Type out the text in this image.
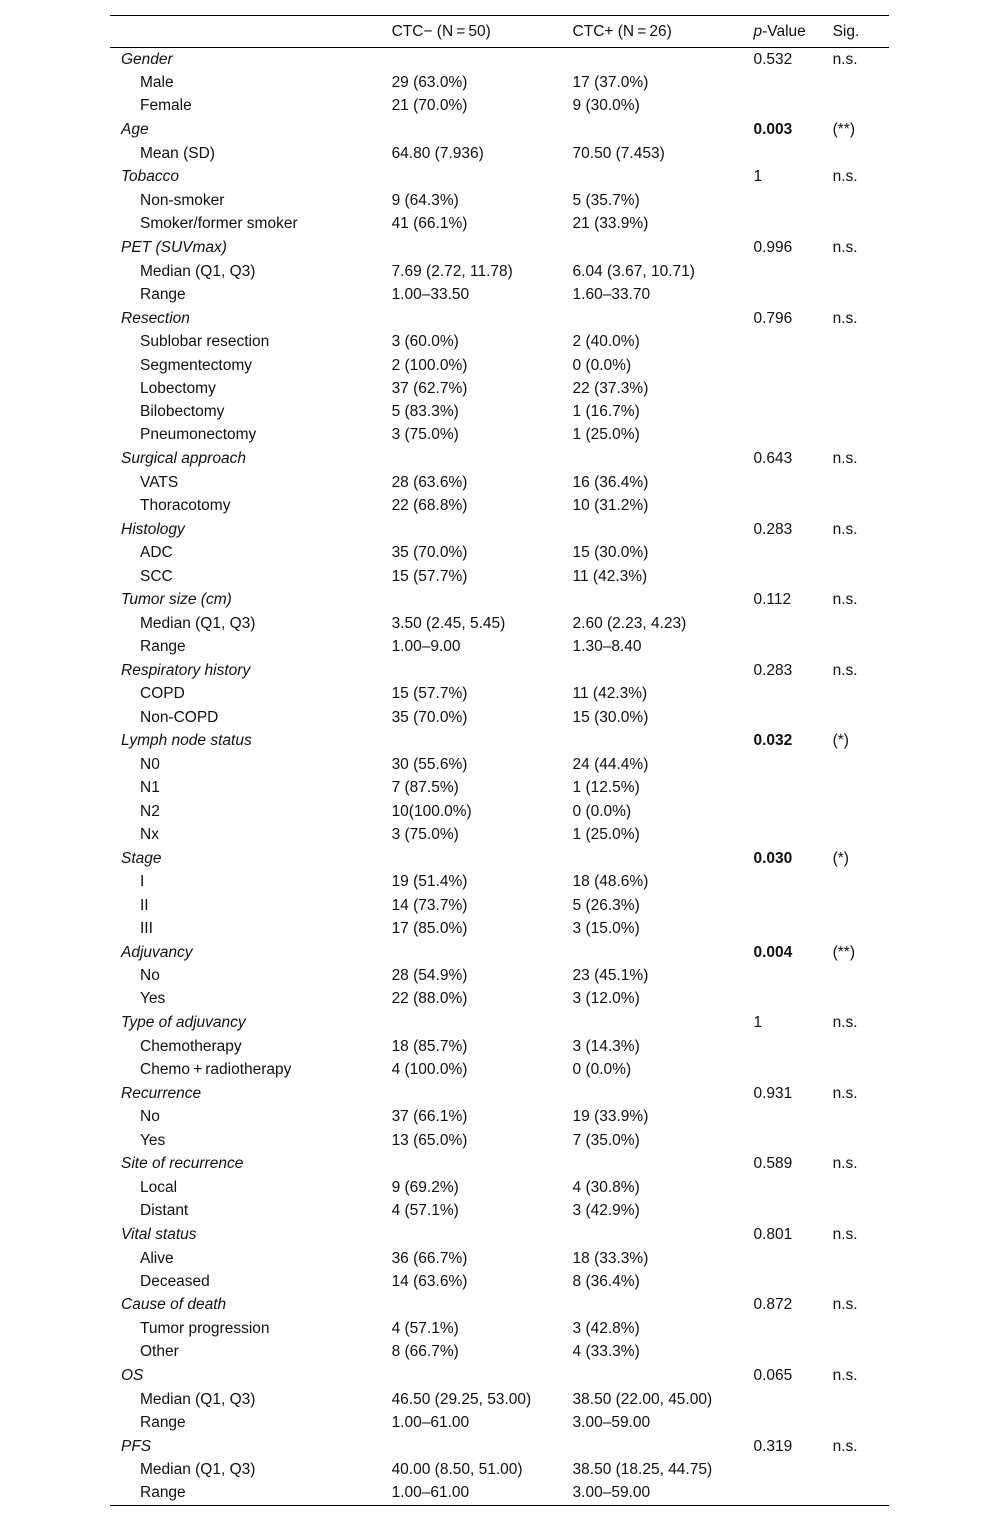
	CTC− (N = 50)	CTC+ (N = 26)	p-Value	Sig.
Gender			0.532	n.s.
Male	29 (63.0%)	17 (37.0%)		
Female	21 (70.0%)	9 (30.0%)		
Age			0.003	(**)
Mean (SD)	64.80 (7.936)	70.50 (7.453)		
Tobacco			1	n.s.
Non-smoker	9 (64.3%)	5 (35.7%)		
Smoker/former smoker	41 (66.1%)	21 (33.9%)		
PET (SUVmax)			0.996	n.s.
Median (Q1, Q3)	7.69 (2.72, 11.78)	6.04 (3.67, 10.71)		
Range	1.00–33.50	1.60–33.70		
Resection			0.796	n.s.
Sublobar resection	3 (60.0%)	2 (40.0%)		
Segmentectomy	2 (100.0%)	0 (0.0%)		
Lobectomy	37 (62.7%)	22 (37.3%)		
Bilobectomy	5 (83.3%)	1 (16.7%)		
Pneumonectomy	3 (75.0%)	1 (25.0%)		
Surgical approach			0.643	n.s.
VATS	28 (63.6%)	16 (36.4%)		
Thoracotomy	22 (68.8%)	10 (31.2%)		
Histology			0.283	n.s.
ADC	35 (70.0%)	15 (30.0%)		
SCC	15 (57.7%)	11 (42.3%)		
Tumor size (cm)			0.112	n.s.
Median (Q1, Q3)	3.50 (2.45, 5.45)	2.60 (2.23, 4.23)		
Range	1.00–9.00	1.30–8.40		
Respiratory history			0.283	n.s.
COPD	15 (57.7%)	11 (42.3%)		
Non-COPD	35 (70.0%)	15 (30.0%)		
Lymph node status			0.032	(*)
N0	30 (55.6%)	24 (44.4%)		
N1	7 (87.5%)	1 (12.5%)		
N2	10(100.0%)	0 (0.0%)		
Nx	3 (75.0%)	1 (25.0%)		
Stage			0.030	(*)
I	19 (51.4%)	18 (48.6%)		
II	14 (73.7%)	5 (26.3%)		
III	17 (85.0%)	3 (15.0%)		
Adjuvancy			0.004	(**)
No	28 (54.9%)	23 (45.1%)		
Yes	22 (88.0%)	3 (12.0%)		
Type of adjuvancy			1	n.s.
Chemotherapy	18 (85.7%)	3 (14.3%)		
Chemo + radiotherapy	4 (100.0%)	0 (0.0%)		
Recurrence			0.931	n.s.
No	37 (66.1%)	19 (33.9%)		
Yes	13 (65.0%)	7 (35.0%)		
Site of recurrence			0.589	n.s.
Local	9 (69.2%)	4 (30.8%)		
Distant	4 (57.1%)	3 (42.9%)		
Vital status			0.801	n.s.
Alive	36 (66.7%)	18 (33.3%)		
Deceased	14 (63.6%)	8 (36.4%)		
Cause of death			0.872	n.s.
Tumor progression	4 (57.1%)	3 (42.8%)		
Other	8 (66.7%)	4 (33.3%)		
OS			0.065	n.s.
Median (Q1, Q3)	46.50 (29.25, 53.00)	38.50 (22.00, 45.00)		
Range	1.00–61.00	3.00–59.00		
PFS			0.319	n.s.
Median (Q1, Q3)	40.00 (8.50, 51.00)	38.50 (18.25, 44.75)		
Range	1.00–61.00	3.00–59.00		
